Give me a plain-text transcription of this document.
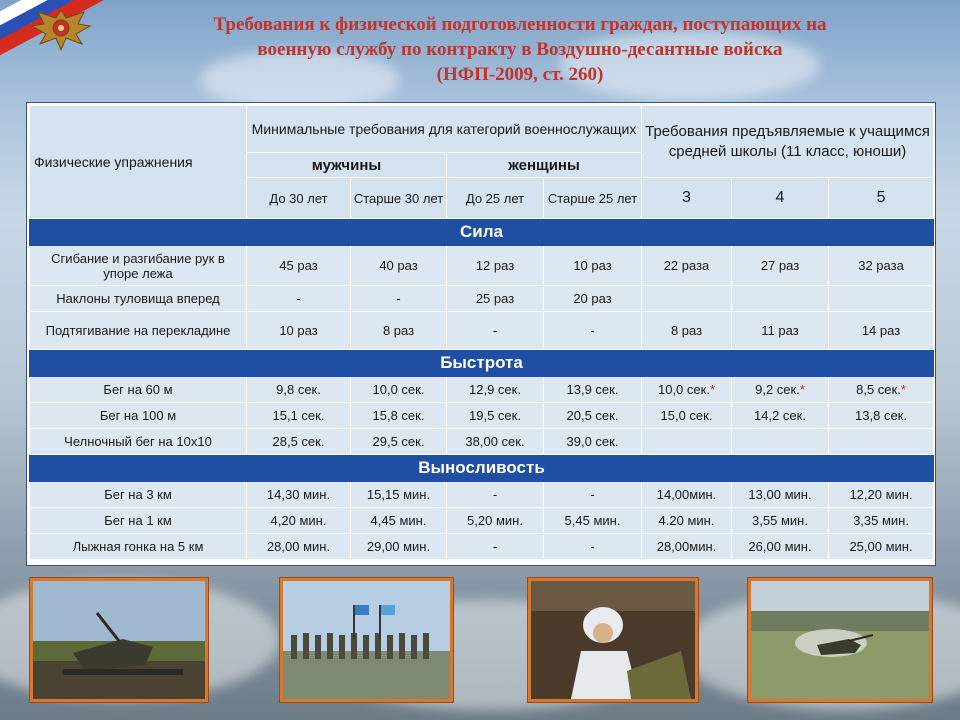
Требования к физической подготовленности граждан, поступающих на
военную службу по контракту в Воздушно-десантные войска
(НФП-2009, ст. 260)
Физические упражнения	Минимальные требования для категорий военнослужащих				Требования предъявляемые к учащимся средней школы (11 класс, юноши)		
	мужчины		женщины				
	До 30 лет	Старше 30 лет	До 25 лет	Старше 25 лет	3	4	5
Сила							
Сгибание и разгибание рук в упоре лежа	45 раз	40 раз	12 раз	10 раз	22 раза	27 раз	32 раза
Наклоны туловища вперед	-	-	25 раз	20 раз			
Подтягивание на перекладине	10 раз	8 раз	-	-	8 раз	11 раз	14 раз
Быстрота							
Бег на 60 м	9,8 сек.	10,0 сек.	12,9 сек.	13,9 сек.	10,0 сек.*	9,2 сек.*	8,5 сек.*
Бег на 100 м	15,1 сек.	15,8 сек.	19,5 сек.	20,5 сек.	15,0 сек.	14,2 сек.	13,8 сек.
Челночный бег на 10х10	28,5 сек.	29,5 сек.	38,00 сек.	39,0 сек.			
Выносливость							
Бег на 3 км	14,30 мин.	15,15 мин.	-	-	14,00мин.	13,00 мин.	12,20 мин.
Бег на 1 км	4,20 мин.	4,45 мин.	5,20 мин.	5,45 мин.	4.20 мин.	3,55 мин.	3,35 мин.
Лыжная гонка на 5 км	28,00 мин.	29,00 мин.	-	-	28,00мин.	26,00 мин.	25,00 мин.
